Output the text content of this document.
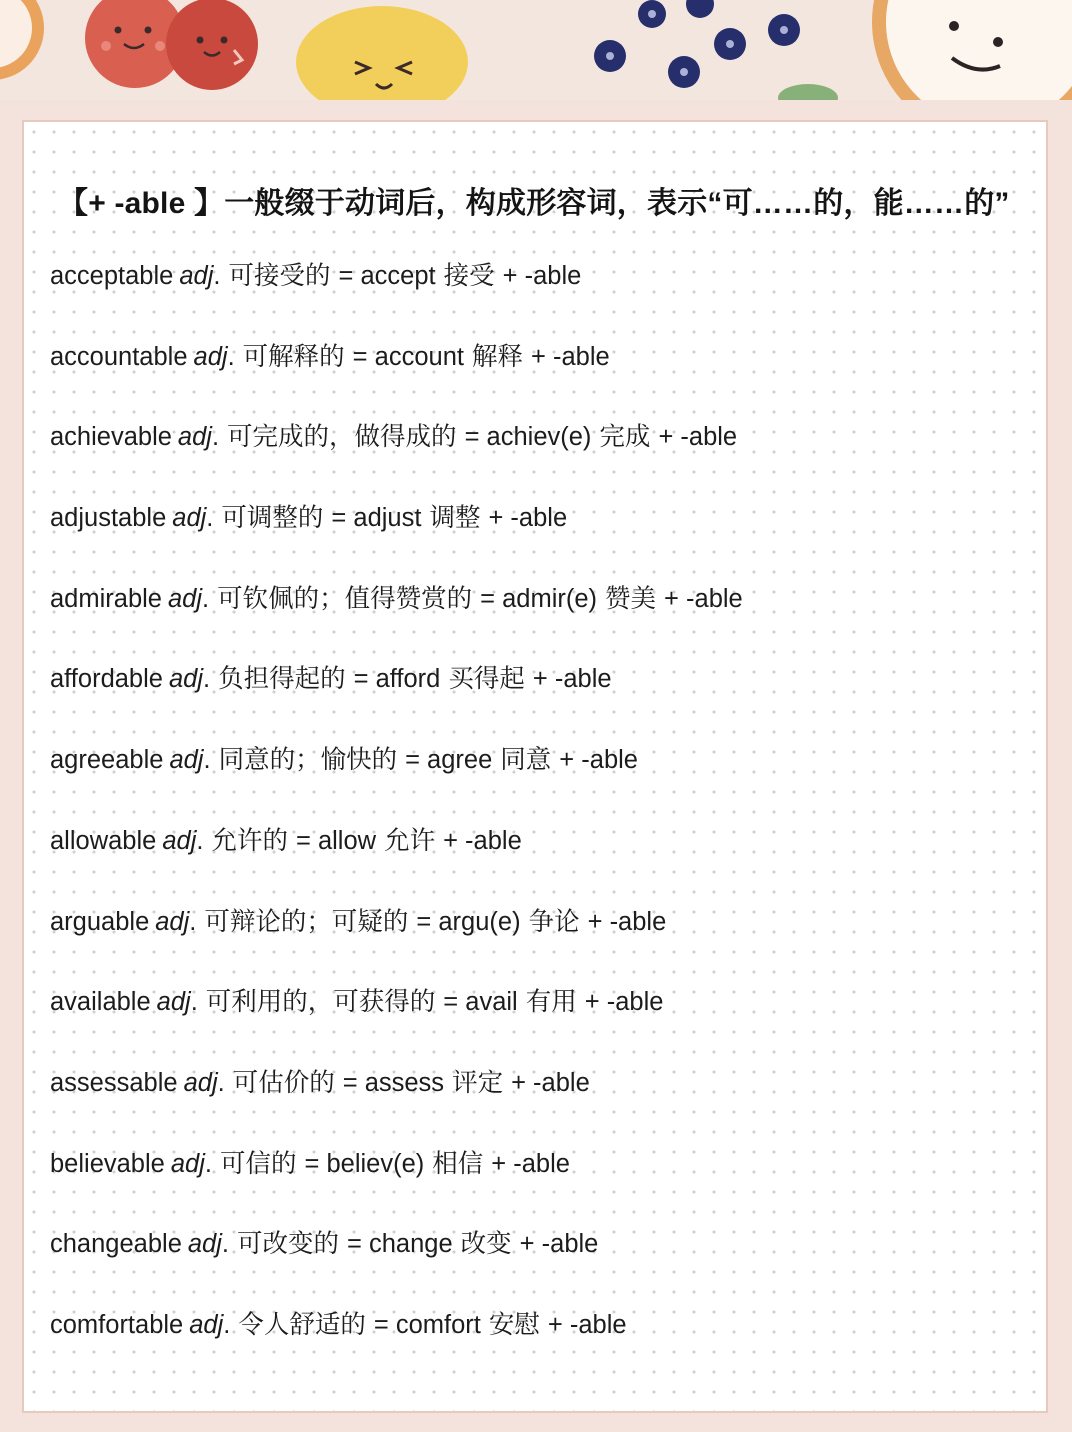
【+ -able 】一般缀于动词后，构成形容词，表示“可……的，能……的”
acceptable adj. 可接受的 = accept 接受 + -able
accountable adj. 可解释的 = account 解释 + -able
achievable adj. 可完成的，做得成的 = achiev(e) 完成 + -able
adjustable adj. 可调整的 = adjust 调整 + -able
admirable adj. 可钦佩的；值得赞赏的 = admir(e) 赞美 + -able
affordable adj. 负担得起的 = afford 买得起 + -able
agreeable adj. 同意的；愉快的 = agree 同意 + -able
allowable adj. 允许的 = allow 允许 + -able
arguable adj. 可辩论的；可疑的 = argu(e) 争论 + -able
available adj. 可利用的，可获得的 = avail 有用 + -able
assessable adj. 可估价的 = assess 评定 + -able
believable adj. 可信的 = believ(e) 相信 + -able
changeable adj. 可改变的 = change 改变 + -able
comfortable adj. 令人舒适的 = comfort 安慰 + -able
